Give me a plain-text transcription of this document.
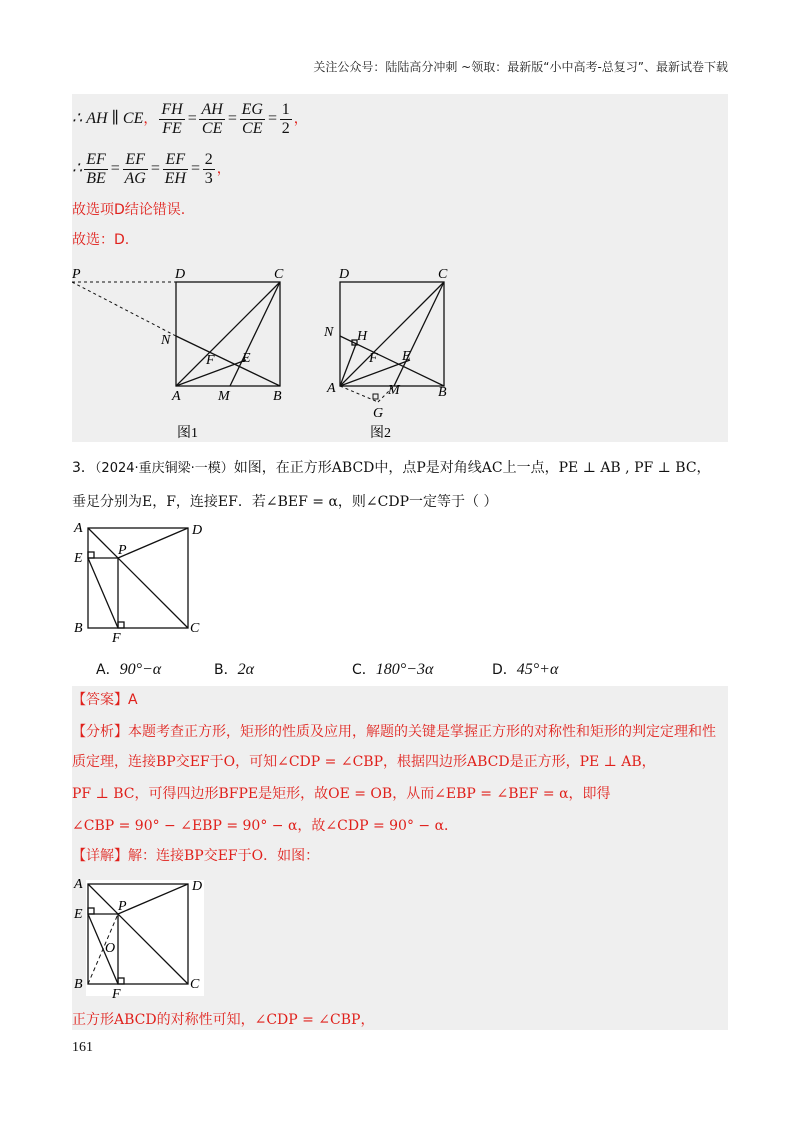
关注公众号：陆陆高分冲刺 ~领取：最新版“小中高考-总复习”、最新试卷下载
∴ AH ∥ CE ， $\frac{FH}{FE} = \frac{AH}{CE} = \frac{EG}{CE} = \frac{1}{2}$ ，
∴ $\frac{EF}{BE} = \frac{EF}{AG} = \frac{EF}{EH} = \frac{2}{3}$ ，
故选项D结论错误.
故选：D.
P	D	C
N
F E
A	M	B
图1
D	C
N H
F E
A	M	B
G
图2
3．（2024·重庆铜梁·一模）如图，在正方形ABCD中，点P是对角线AC上一点，PE ⊥ AB , PF ⊥ BC，
垂足分别为E，F，连接EF．若∠BEF = α，则∠CDP一定等于（ ）
A	D
E
P
B
F
C
A．90°−α	B．2α	C．180°−3α	D．45°+α
【答案】A
【分析】本题考查正方形，矩形的性质及应用，解题的关键是掌握正方形的对称性和矩形的判定定理和性
质定理，连接BP交EF于O，可知∠CDP = ∠CBP，根据四边形ABCD是正方形，PE ⊥ AB，
PF ⊥ BC，可得四边形BFPE是矩形，故OE = OB，从而∠EBP = ∠BEF = α，即得
∠CBP = 90° − ∠EBP = 90° − α，故∠CDP = 90° − α．
【详解】解：连接BP交EF于O．如图：
A	D
E
P
O
B
F
C
正方形ABCD的对称性可知，∠CDP = ∠CBP，
161
